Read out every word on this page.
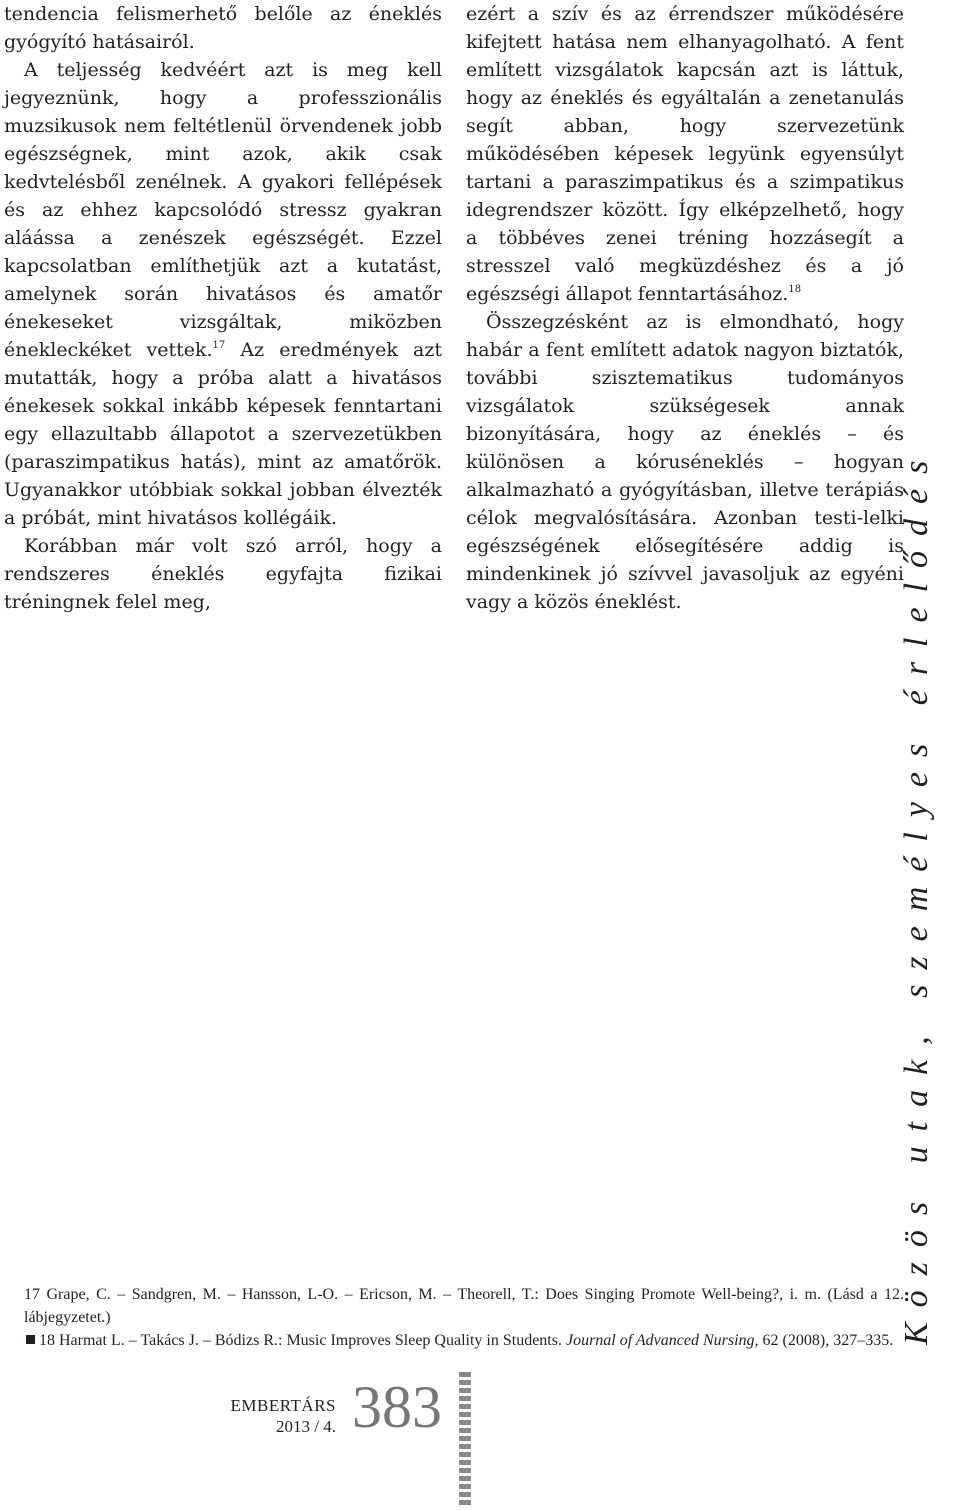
tendencia felismerhető belőle az éneklés gyógyító hatásairól.

A teljesség kedvéért azt is meg kell jegyeznünk, hogy a professzionális muzsikusok nem feltétlenül örvendenek jobb egészségnek, mint azok, akik csak kedvtelésből zenélnek. A gyakori fellépések és az ehhez kapcsolódó stressz gyakran aláássa a zenészek egészségét. Ezzel kapcsolatban említhetjük azt a kutatást, amelynek során hivatásos és amatőr énekeseket vizsgáltak, miközben énekleckéket vettek.$^{17}$ Az eredmények azt mutatták, hogy a próba alatt a hivatásos énekesek sokkal inkább képesek fenntartani egy ellazultabb állapotot a szervezetükben (paraszimpatikus hatás), mint az amatőrök. Ugyanakkor utóbbiak sokkal jobban élvezték a próbát, mint hivatásos kollégáik.

Korábban már volt szó arról, hogy a rendszeres éneklés egyfajta fizikai tréningnek felel meg,

ezért a szív és az érrendszer működésére kifejtett hatása nem elhanyagolható. A fent említett vizsgálatok kapcsán azt is láttuk, hogy az éneklés és egyáltalán a zenetanulás segít abban, hogy szervezetünk működésében képesek legyünk egyensúlyt tartani a paraszimpatikus és a szimpatikus idegrendszer között. Így elképzelhető, hogy a többéves zenei tréning hozzásegít a stresszel való megküzdéshez és a jó egészségi állapot fenntartásához.$^{18}$

Összegzésként az is elmondható, hogy habár a fent említett adatok nagyon biztatók, további szisztematikus tudományos vizsgálatok szükségesek annak bizonyítására, hogy az éneklés – és különösen a kóruséneklés – hogyan alkalmazható a gyógyításban, illetve terápiás célok megvalósítására. Azonban testi-lelki egészségének elősegítésére addig is mindenkinek jó szívvel javasoljuk az egyéni vagy a közös éneklést.	Közös utak, személyes érlelődés

17 Grape, C. – Sandgren, M. – Hansson, L-O. – Ericson, M. – Theorell, T.: Does Singing Promote Well-being?, i. m. (Lásd a 12. lábjegyzetet.)

18 Harmat L. – Takács J. – Bódizs R.: Music Improves Sleep Quality in Students. Journal of Advanced Nursing, 62 (2008), 327–335.

EMBERTÁRS
2013 / 4. 383
